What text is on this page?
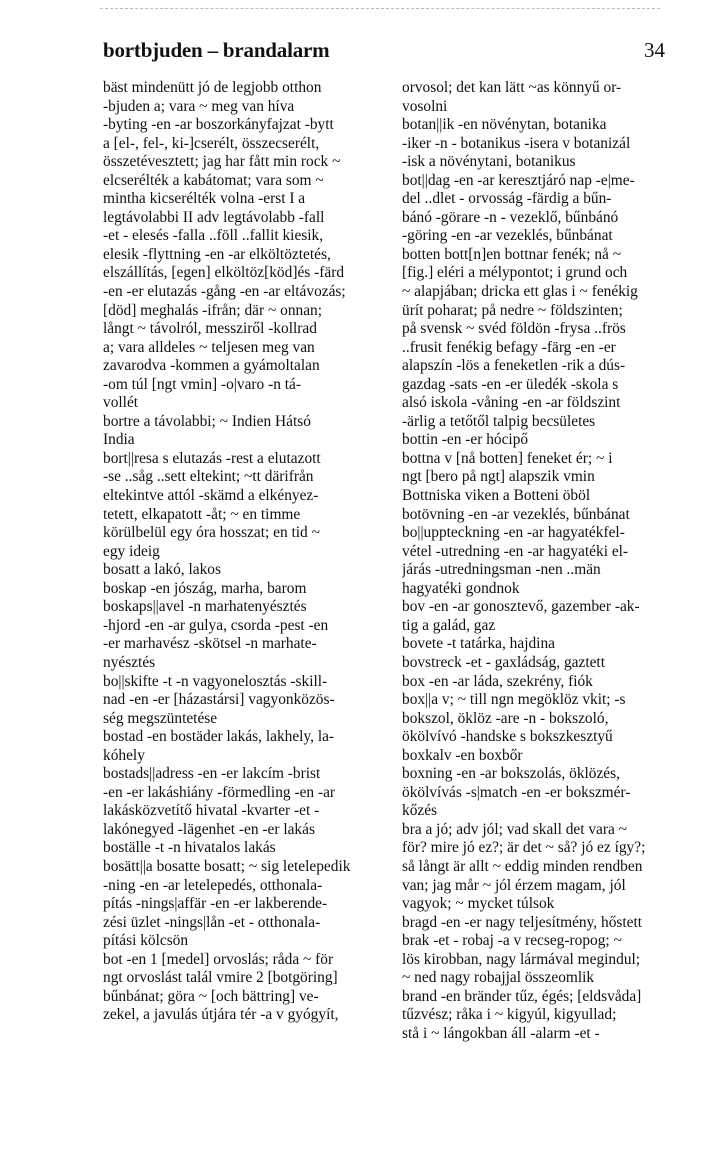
bortbjuden – brandalarm	34
bäst mindenütt jó de legjobb otthon
-bjuden a; vara ~ meg van híva
-byting -en -ar boszorkányfajzat -bytt
a [el-, fel-, ki-]cserélt, összecserélt,
összetévesztett; jag har fått min rock ~
elcserélték a kabátomat; vara som ~
mintha kicserélték volna -erst I a
legtávolabbi II adv legtávolabb -fall
-et - elesés -falla ..föll ..fallit kiesik,
elesik -flyttning -en -ar elköltöztetés,
elszállítás, [egen] elköltöz[köd]és -färd
-en -er elutazás -gång -en -ar eltávozás;
[död] meghalás -ifrån; där ~ onnan;
långt ~ távolról, messziről -kollrad
a; vara alldeles ~ teljesen meg van
zavarodva -kommen a gyámoltalan
-om túl [ngt vmin] -o|varo -n tá-
vollét
bortre a távolabbi; ~ Indien Hátsó
India
bort||resa s elutazás -rest a elutazott
-se ..såg ..sett eltekint; ~tt därifrån
eltekintve attól -skämd a elkényez-
tetett, elkapatott -åt; ~ en timme
körülbelül egy óra hosszat; en tid ~
egy ideig
bosatt a lakó, lakos
boskap -en jószág, marha, barom
boskaps||avel -n marhatenyésztés
-hjord -en -ar gulya, csorda -pest -en
-er marhavész -skötsel -n marhate-
nyésztés
bo||skifte -t -n vagyonelosztás -skill-
nad -en -er [házastársi] vagyonközös-
ség megszüntetése
bostad -en bostäder lakás, lakhely, la-
kóhely
bostads||adress -en -er lakcím -brist
-en -er lakáshiány -förmedling -en -ar
lakásközvetítő hivatal -kvarter -et -
lakónegyed -lägenhet -en -er lakás
boställe -t -n hivatalos lakás
bosätt||a bosatte bosatt; ~ sig letelepedik
-ning -en -ar letelepedés, otthonala-
pítás -nings|affär -en -er lakberende-
zési üzlet -nings|lån -et - otthonala-
pítási kölcsön
bot -en 1 [medel] orvoslás; råda ~ för
ngt orvoslást talál vmire 2 [botgöring]
bűnbánat; göra ~ [och bättring] ve-
zekel, a javulás útjára tér -a v gyógyít,
orvosol; det kan lätt ~as könnyű or-
vosolni
botan||ik -en növénytan, botanika
-iker -n - botanikus -isera v botanizál
-isk a növénytani, botanikus
bot||dag -en -ar keresztjáró nap -e|me-
del ..dlet - orvosság -färdig a bűn-
bánó -görare -n - vezeklő, bűnbánó
-göring -en -ar vezeklés, bűnbánat
botten bott[n]en bottnar fenék; nå ~
[fig.] eléri a mélypontot; i grund och
~ alapjában; dricka ett glas i ~ fenékig
ürít poharat; på nedre ~ földszinten;
på svensk ~ svéd földön -frysa ..frös
..frusit fenékig befagy -färg -en -er
alapszín -lös a feneketlen -rik a dús-
gazdag -sats -en -er üledék -skola s
alsó iskola -våning -en -ar földszint
-ärlig a tetőtől talpig becsületes
bottin -en -er hócipő
bottna v [nå botten] feneket ér; ~ i
ngt [bero på ngt] alapszik vmin
Bottniska viken a Botteni öböl
botövning -en -ar vezeklés, bűnbánat
bo||uppteckning -en -ar hagyatékfel-
vétel -utredning -en -ar hagyatéki el-
járás -utredningsman -nen ..män
hagyatéki gondnok
bov -en -ar gonosztevő, gazember -ak-
tig a galád, gaz
bovete -t tatárka, hajdina
bovstreck -et - gaxládság, gaztett
box -en -ar láda, szekrény, fiók
box||a v; ~ till ngn megöklöz vkit; -s
bokszol, öklöz -are -n - bokszoló,
ökölvívó -handske s bokszkesztyű
boxkalv -en boxbőr
boxning -en -ar bokszolás, öklözés,
ökölvívás -s|match -en -er bokszmér-
kőzés
bra a jó; adv jól; vad skall det vara ~
för? mire jó ez?; är det ~ så? jó ez így?;
så långt är allt ~ eddig minden rendben
van; jag mår ~ jól érzem magam, jól
vagyok; ~ mycket túlsok
bragd -en -er nagy teljesítmény, hőstett
brak -et - robaj -a v recseg-ropog; ~
lös kirobban, nagy lármával megindul;
~ ned nagy robajjal összeomlik
brand -en bränder tűz, égés; [eldsvåda]
tűzvész; råka i ~ kigyúl, kigyullad;
stå i ~ lángokban áll -alarm -et -
